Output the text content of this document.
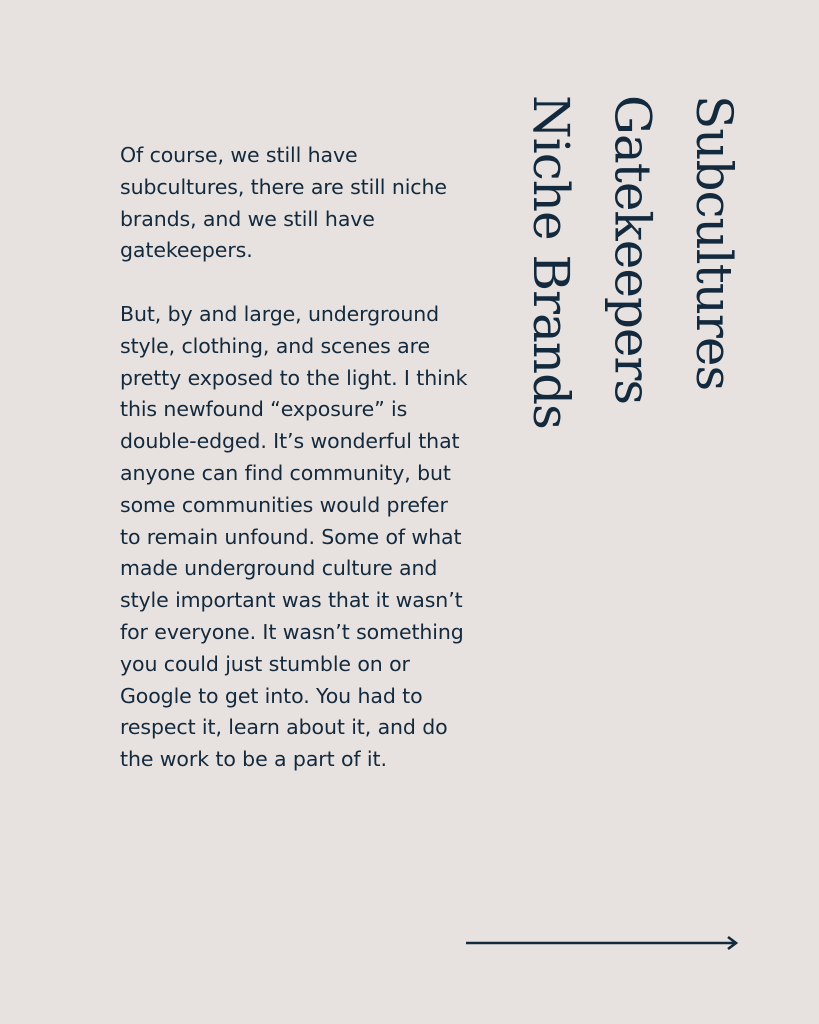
Of course, we still have subcultures, there are still niche brands, and we still have gatekeepers.

But, by and large, underground style, clothing, and scenes are pretty exposed to the light. I think this newfound “exposure” is double-edged. It’s wonderful that anyone can find community, but some communities would prefer to remain unfound. Some of what made underground culture and style important was that it wasn’t for everyone. It wasn’t something you could just stumble on or Google to get into. You had to respect it, learn about it, and do the work to be a part of it.

Subcultures
Gatekeepers
Niche Brands
